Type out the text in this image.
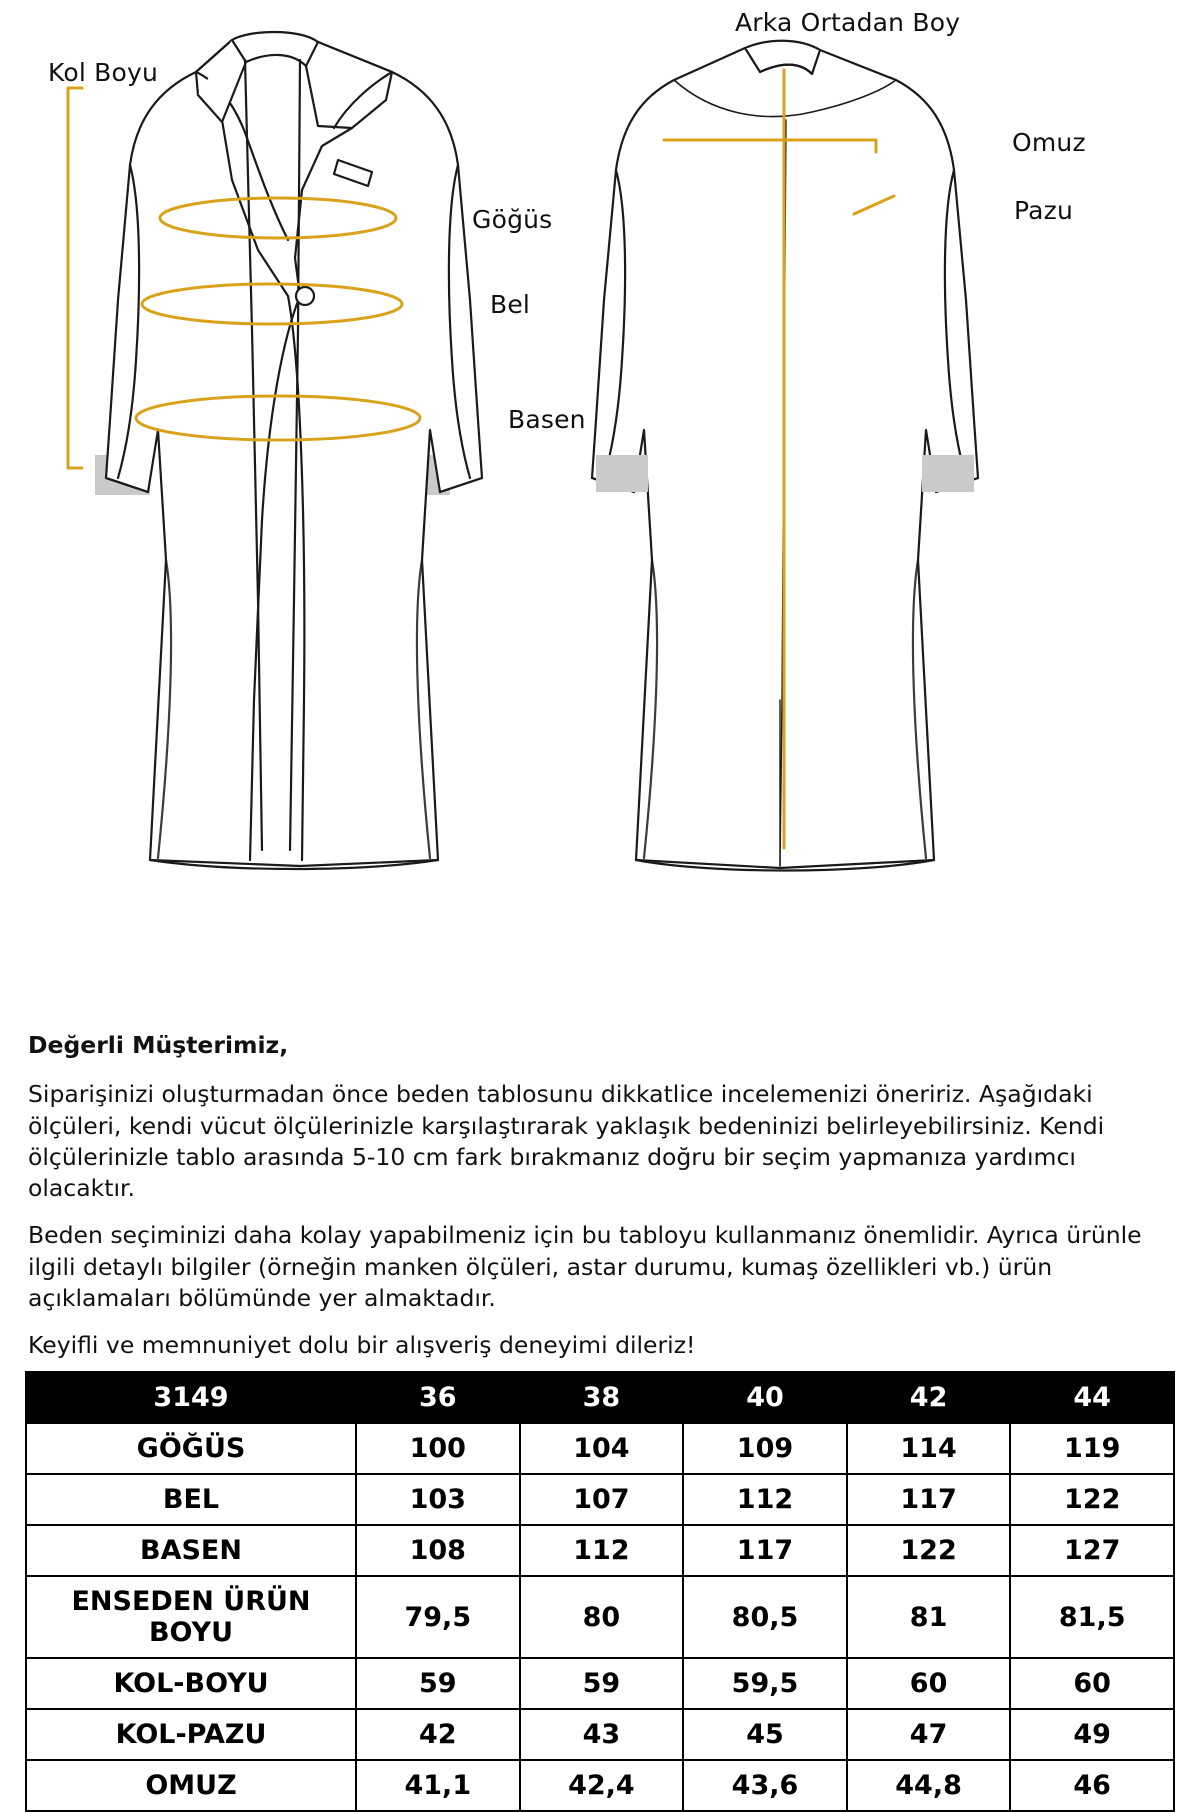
Kol Boyu
Göğüs
Bel
Basen
Arka Ortadan Boy
Omuz
Pazu
Değerli Müşterimiz,

Siparişinizi oluşturmadan önce beden tablosunu dikkatlice incelemenizi öneririz. Aşağıdaki ölçüleri, kendi vücut ölçülerinizle karşılaştırarak yaklaşık bedeninizi belirleyebilirsiniz. Kendi ölçülerinizle tablo arasında 5-10 cm fark bırakmanız doğru bir seçim yapmanıza yardımcı olacaktır.

Beden seçiminizi daha kolay yapabilmeniz için bu tabloyu kullanmanız önemlidir. Ayrıca ürünle ilgili detaylı bilgiler (örneğin manken ölçüleri, astar durumu, kumaş özellikleri vb.) ürün açıklamaları bölümünde yer almaktadır.

Keyifli ve memnuniyet dolu bir alışveriş deneyimi dileriz!

3149	36	38	40	42	44
GÖĞÜS	100	104	109	114	119
BEL	103	107	112	117	122
BASEN	108	112	117	122	127
ENSEDEN ÜRÜN BOYU	79,5	80	80,5	81	81,5
KOL-BOYU	59	59	59,5	60	60
KOL-PAZU	42	43	45	47	49
OMUZ	41,1	42,4	43,6	44,8	46
